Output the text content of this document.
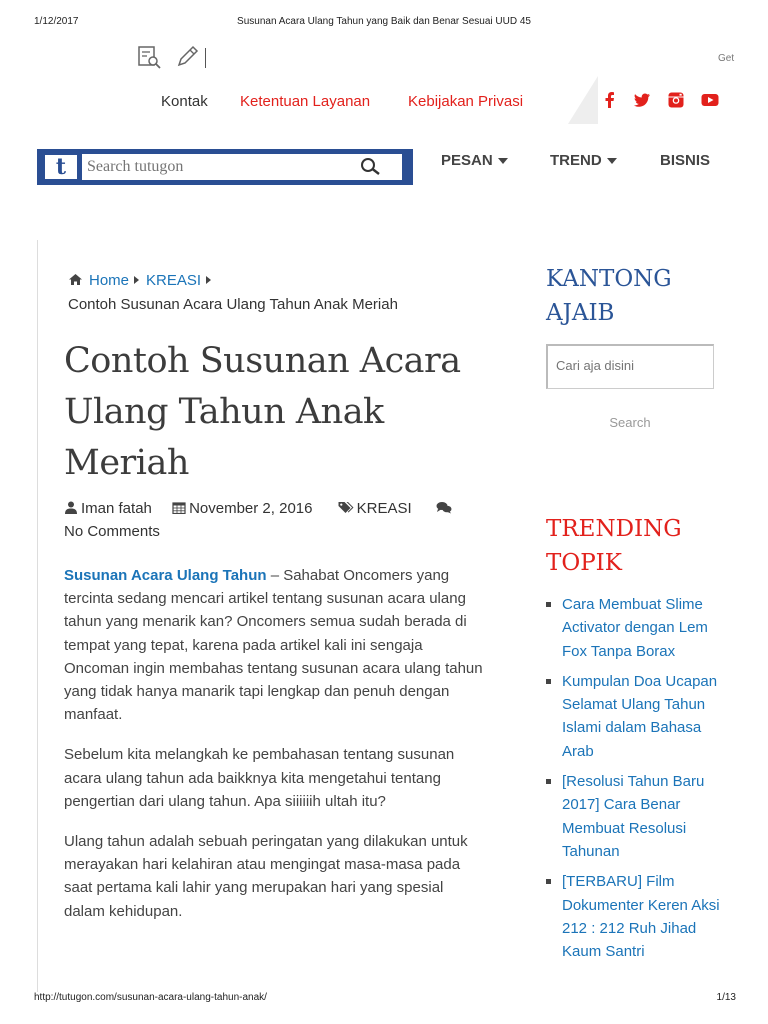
1/12/2017	Susunan Acara Ulang Tahun yang Baik dan Benar Sesuai UUD 45
Get
Kontak Ketentuan Layanan	Kebijakan Privasi
t
Search tutugon	PESAN	TREND	BISNIS
Home KREASI
Contoh Susunan Acara Ulang Tahun Anak Meriah
Contoh Susunan Acara Ulang Tahun Anak Meriah
Iman fatah November 2, 2016	KREASI
No Comments

Susunan Acara Ulang Tahun – Sahabat Oncomers yang tercinta sedang mencari artikel tentang susunan acara ulang tahun yang menarik kan? Oncomers semua sudah berada di tempat yang tepat, karena pada artikel kali ini sengaja Oncoman ingin membahas tentang susunan acara ulang tahun yang tidak hanya manarik tapi lengkap dan penuh dengan manfaat.

Sebelum kita melangkah ke pembahasan tentang susunan acara ulang tahun ada baikknya kita mengetahui tentang pengertian dari ulang tahun. Apa siiiiiih ultah itu?

Ulang tahun adalah sebuah peringatan yang dilakukan untuk merayakan hari kelahiran atau mengingat masa-masa pada saat pertama kali lahir yang merupakan hari yang spesial dalam kehidupan.

KANTONG AJAIB
Cari aja disini
Search
TRENDING TOPIK
Cara Membuat Slime Activator dengan Lem Fox Tanpa Borax
Kumpulan Doa Ucapan Selamat Ulang Tahun Islami dalam Bahasa Arab
[Resolusi Tahun Baru 2017] Cara Benar Membuat Resolusi Tahunan
[TERBARU] Film Dokumenter Keren Aksi 212 : 212 Ruh Jihad Kaum Santri
http://tutugon.com/susunan-acara-ulang-tahun-anak/	1/13
